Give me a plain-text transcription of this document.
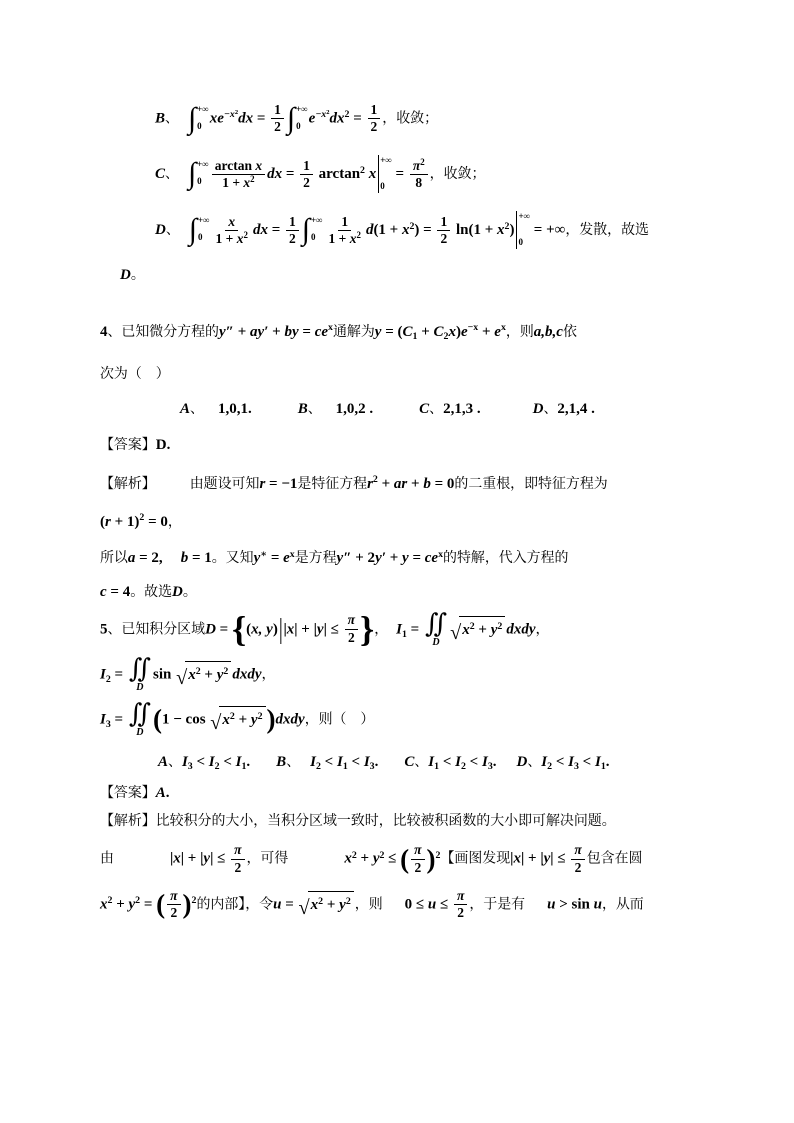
B、 ∫ +∞
0 $xe-x2dx = \frac{1}{2}$ ∫ +∞
0 $e-x2dx2 = \frac{1}{2}$ ，收敛；
C、 ∫ +∞
$0 \frac{\text{arctan x}}{1 + x2}$ dx = $\frac{1}{2} \arctan 2$ x
+∞
0
= $\frac{\pi 2}{8}$ ，收敛；
D、 ∫ +∞
$0 \frac{x}{1 + x2}$ dx = $\frac{1}{2}$ ∫ +∞
$0 \frac{1}{1 + x2} d(1 + x2) = \frac{1}{2} \ln(1 + x2)$
+∞
0
= +∞，发散，故选
D。
4、已知微分方程的y″ + ay′ + by = cex通解为y = (C1 + C2x)e−x + ex，则a,b,c依
次为（　）
A、 1,0,1.	B、 1,0,2 .	C、2,1,3 .	D、2,1,4 .
【答案】D.
【解析】 由题设可知r = −1是特征方程r2 + ar + b = 0的二重根，即特征方程为
(r + 1)2 = 0，
所以a = 2, b = 1。又知y∗ = ex是方程y″ + 2y′ + y = cex的特解，代入方程的
c = 4。故选D。
5、已知积分区域D = {(x, $y)||x| + |y| \le \frac{\pi}{2}$ }， I1 = ∬
D √ x2 + y2 dxdy，
I2 = ∬
D
sin √ x2 + y2 dxdy，
I3 = ∬
D (1 − cos √ x2 + y2 )dxdy，则（　）
A、I3 < I2 < I1. B、 I2 < I1 < I3. C、I1 < I2 < I3. D、I2 < I3 < I1.
【答案】A.
【解析】比较积分的大小，当积分区域一致时，比较被积函数的大小即可解决问题。
由	$|x| + |y| \le \frac{\pi}{2}$ ，可得	x2 + y2 ≤ ( $\frac{\pi}{2} )2$【画图发现$|x| + |y| \le \frac{\pi}{2}$ 包含在圆
x2 + y2 = ( $\frac{\pi}{2} )2$的内部】，令u = √ x2 + y2 ，则 $0 \le u \le \frac{\pi}{2}$ ，于是有 u > sin u，从而
